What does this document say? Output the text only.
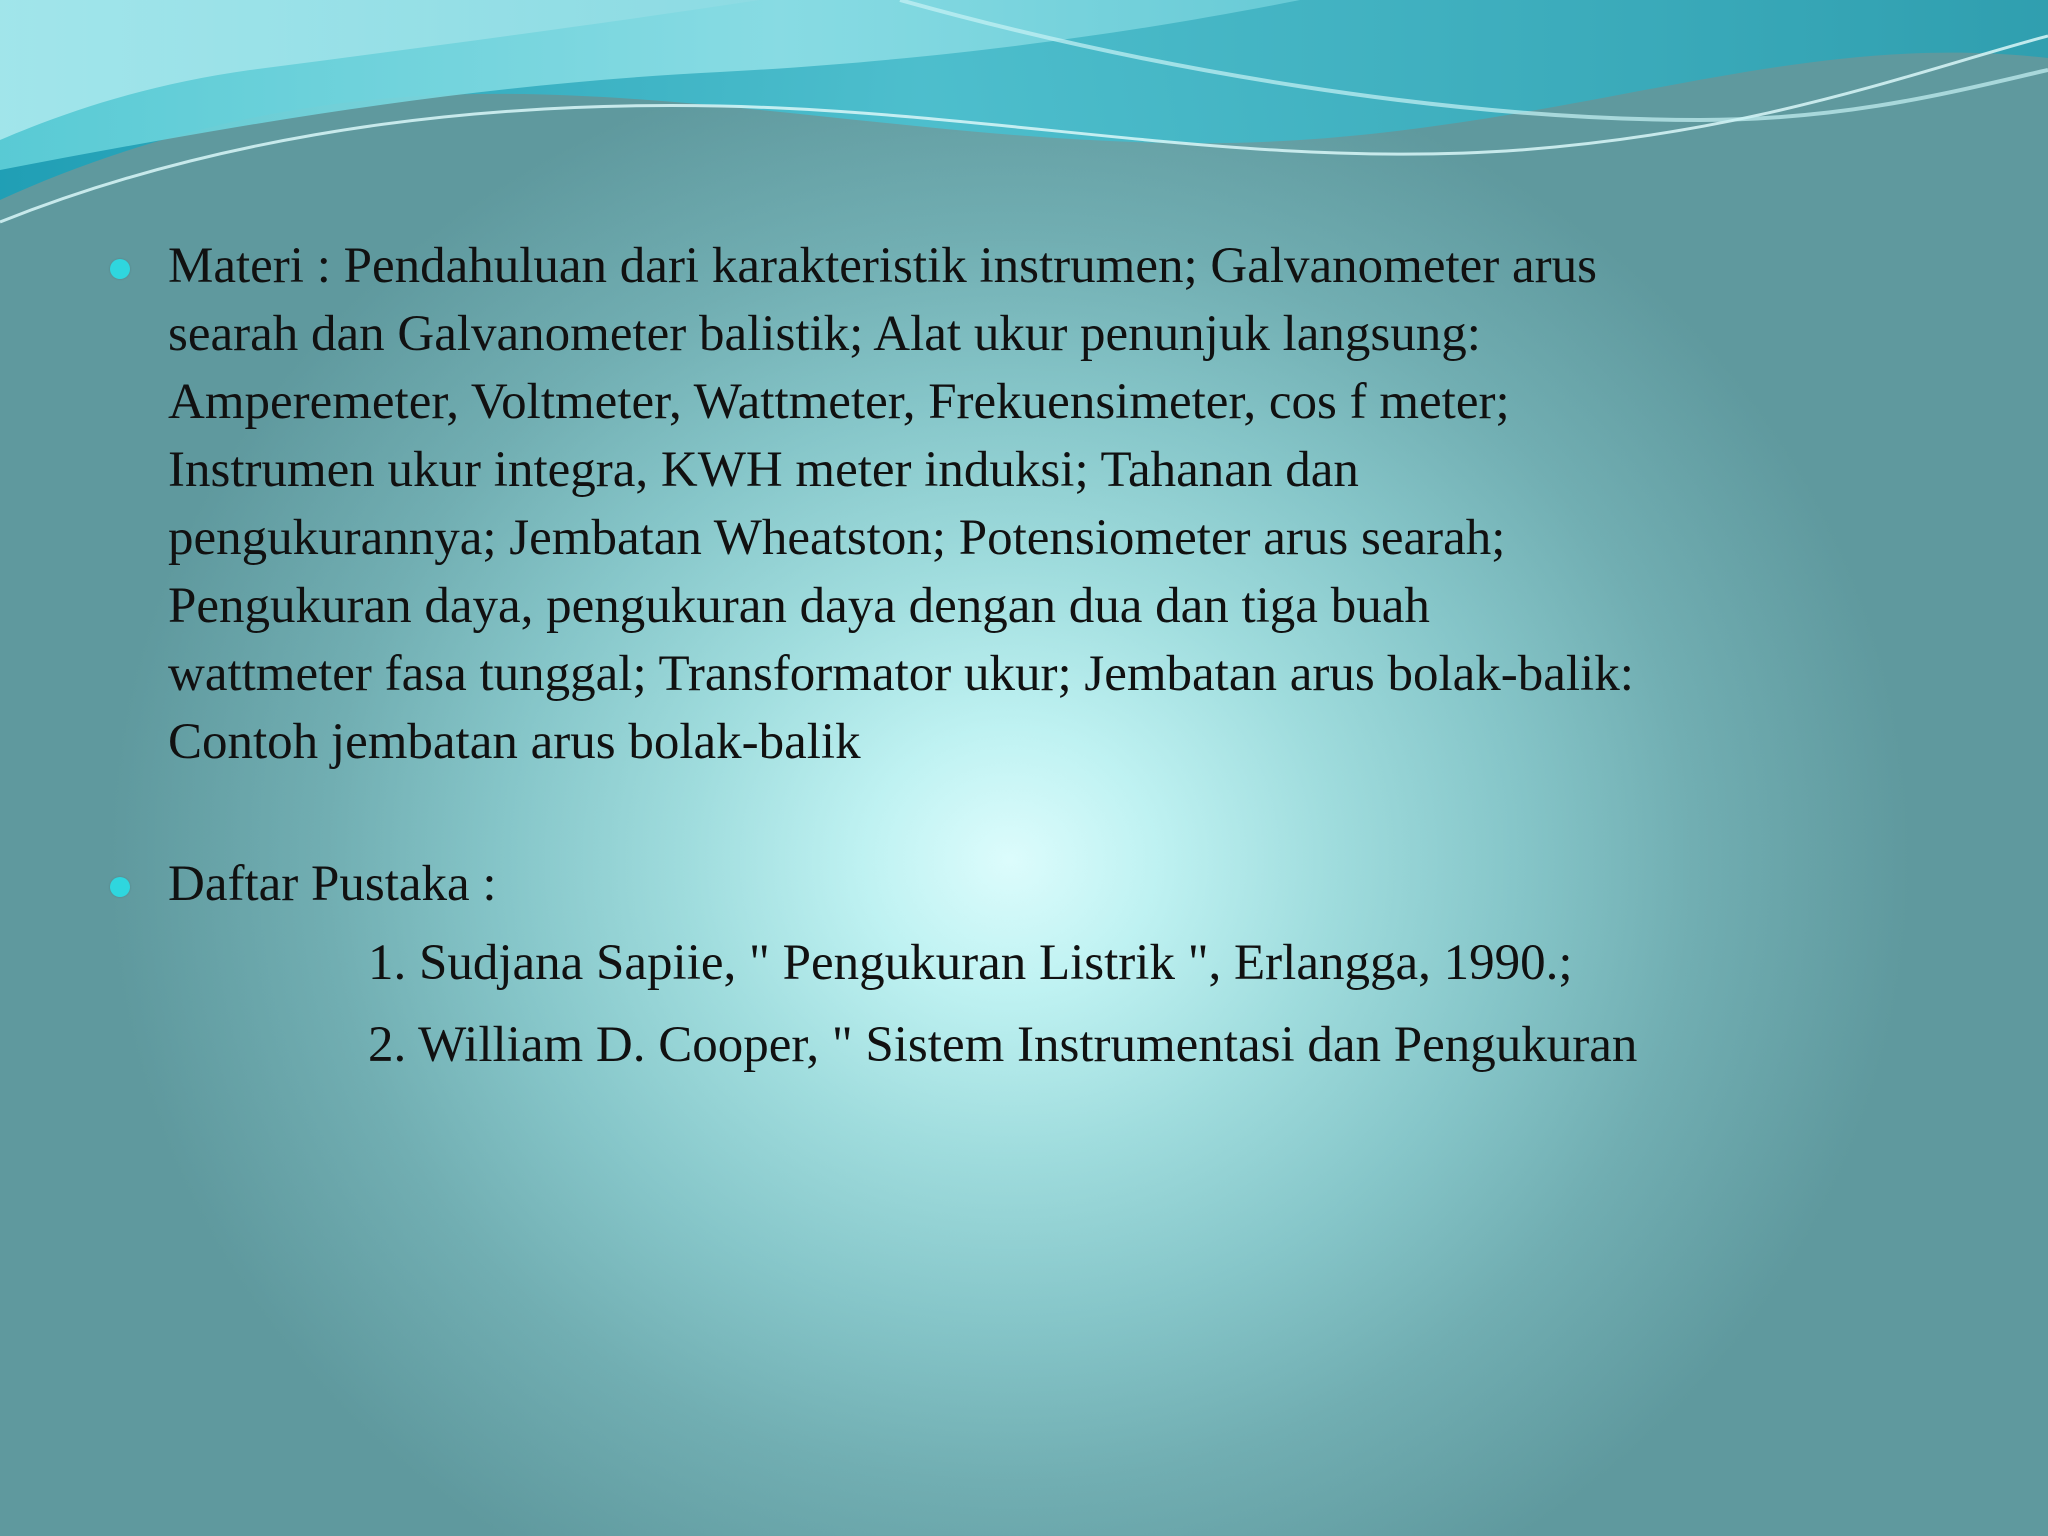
Materi : Pendahuluan dari karakteristik instrumen; Galvanometer arus
searah dan Galvanometer balistik; Alat ukur penunjuk langsung:
Amperemeter, Voltmeter, Wattmeter, Frekuensimeter, cos f meter;
Instrumen ukur integra, KWH meter induksi; Tahanan dan
pengukurannya; Jembatan Wheatston; Potensiometer arus searah;
Pengukuran daya, pengukuran daya dengan dua dan tiga buah
wattmeter fasa tunggal; Transformator ukur; Jembatan arus bolak-balik:
Contoh jembatan arus bolak-balik
Daftar Pustaka :
1. Sudjana Sapiie, " Pengukuran Listrik ", Erlangga, 1990.;
2. William D. Cooper, " Sistem Instrumentasi dan Pengukuran
